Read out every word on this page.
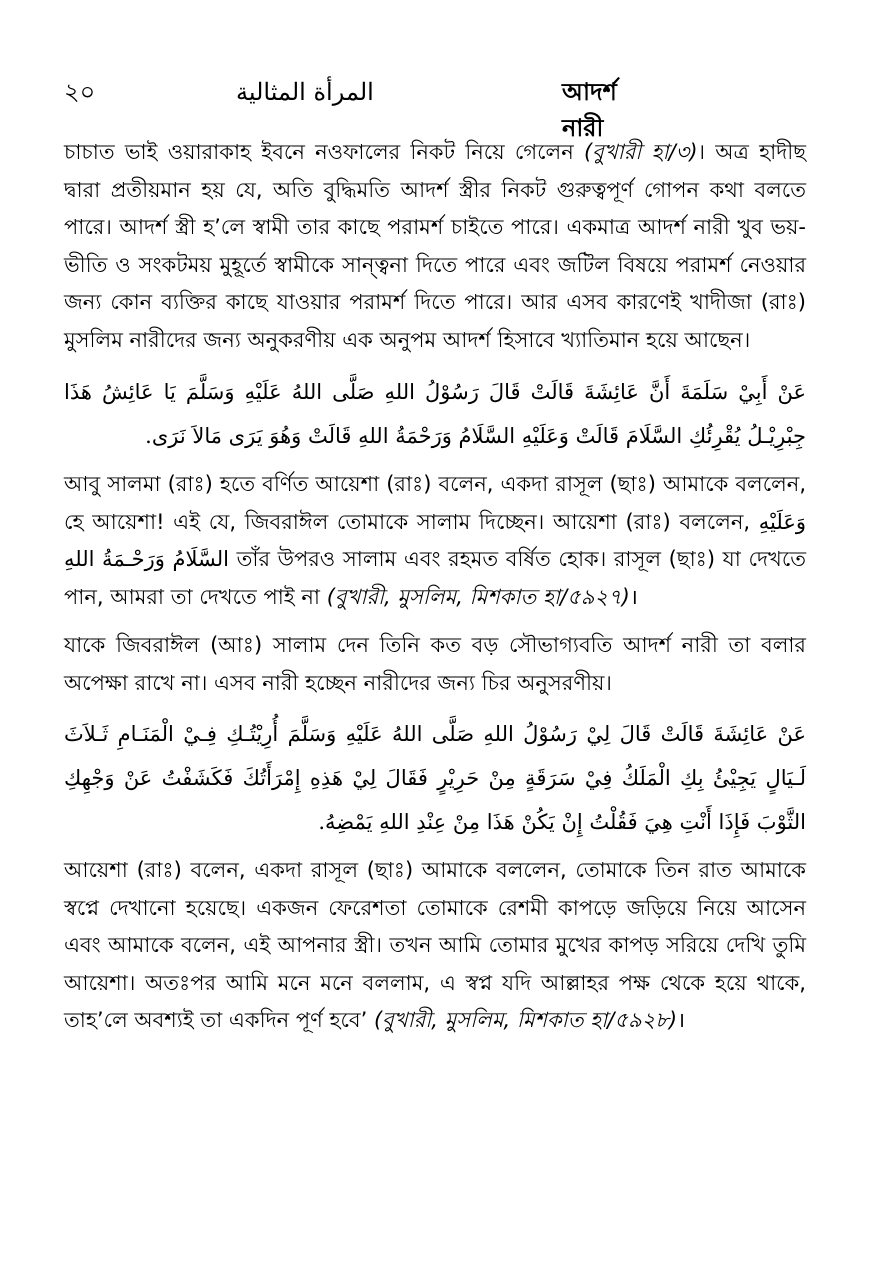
২০	المرأة المثالية	আদর্শ নারী

চাচাত ভাই ওয়ারাকাহ ইবনে নওফালের নিকট নিয়ে গেলেন (বুখারী হা/৩)। অত্র হাদীছ দ্বারা প্রতীয়মান হয় যে, অতি বুদ্ধিমতি আদর্শ স্ত্রীর নিকট গুরুত্বপূর্ণ গোপন কথা বলতে পারে। আদর্শ স্ত্রী হ’লে স্বামী তার কাছে পরামর্শ চাইতে পারে। একমাত্র আদর্শ নারী খুব ভয়-ভীতি ও সংকটময় মুহূর্তে স্বামীকে সান্ত্বনা দিতে পারে এবং জটিল বিষয়ে পরামর্শ নেওয়ার জন্য কোন ব্যক্তির কাছে যাওয়ার পরামর্শ দিতে পারে। আর এসব কারণেই খাদীজা (রাঃ) মুসলিম নারীদের জন্য অনুকরণীয় এক অনুপম আদর্শ হিসাবে খ্যাতিমান হয়ে আছেন।

عَنْ أَبِيْ سَلَمَةَ أَنَّ عَائِشَةَ قَالَتْ قَالَ رَسُوْلُ اللهِ صَلَّى اللهُ عَلَيْهِ وَسَلَّمَ يَا عَائِشُ هَذَا جِبْرِيْـلُ يُقْرِئُكِ السَّلَامَ قَالَتْ وَعَلَيْهِ السَّلَامُ وَرَحْمَةُ اللهِ قَالَتْ وَهُوَ يَرَى مَالاَ نَرَى.

আবু সালমা (রাঃ) হতে বর্ণিত আয়েশা (রাঃ) বলেন, একদা রাসূল (ছাঃ) আমাকে বললেন, হে আয়েশা! এই যে, জিবরাঈল তোমাকে সালাম দিচ্ছেন। আয়েশা (রাঃ) বললেন, وَعَلَيْهِ السَّلَامُ وَرَحْـمَةُ اللهِ তাঁর উপরও সালাম এবং রহমত বর্ষিত হোক। রাসূল (ছাঃ) যা দেখতে পান, আমরা তা দেখতে পাই না (বুখারী, মুসলিম, মিশকাত হা/৫৯২৭)।

যাকে জিবরাঈল (আঃ) সালাম দেন তিনি কত বড় সৌভাগ্যবতি আদর্শ নারী তা বলার অপেক্ষা রাখে না। এসব নারী হচ্ছেন নারীদের জন্য চির অনুসরণীয়।

عَنْ عَائِشَةَ قَالَتْ قَالَ لِيْ رَسُوْلُ اللهِ صَلَّى اللهُ عَلَيْهِ وَسَلَّمَ أُرِيْتُـكِ فِـيْ الْمَنَـامِ ثَـلاَثَ لَـيَالٍ يَجِيْئُ بِكِ الْمَلَكُ فِيْ سَرَقَةٍ مِنْ حَرِيْرٍ فَقَالَ لِيْ هَذِهِ إِمْرَأَتُكَ فَكَشَفْتُ عَنْ وَجْهِكِ الثَّوْبَ فَإِذَا أَنْتِ هِيَ فَقُلْتُ إِنْ يَكُنْ هَذَا مِنْ عِنْدِ اللهِ يَمْضِهُ.

আয়েশা (রাঃ) বলেন, একদা রাসূল (ছাঃ) আমাকে বললেন, তোমাকে তিন রাত আমাকে স্বপ্নে দেখানো হয়েছে। একজন ফেরেশতা তোমাকে রেশমী কাপড়ে জড়িয়ে নিয়ে আসেন এবং আমাকে বলেন, এই আপনার স্ত্রী। তখন আমি তোমার মুখের কাপড় সরিয়ে দেখি তুমি আয়েশা। অতঃপর আমি মনে মনে বললাম, এ স্বপ্ন যদি আল্লাহর পক্ষ থেকে হয়ে থাকে, তাহ’লে অবশ্যই তা একদিন পূর্ণ হবে’ (বুখারী, মুসলিম, মিশকাত হা/৫৯২৮)।
